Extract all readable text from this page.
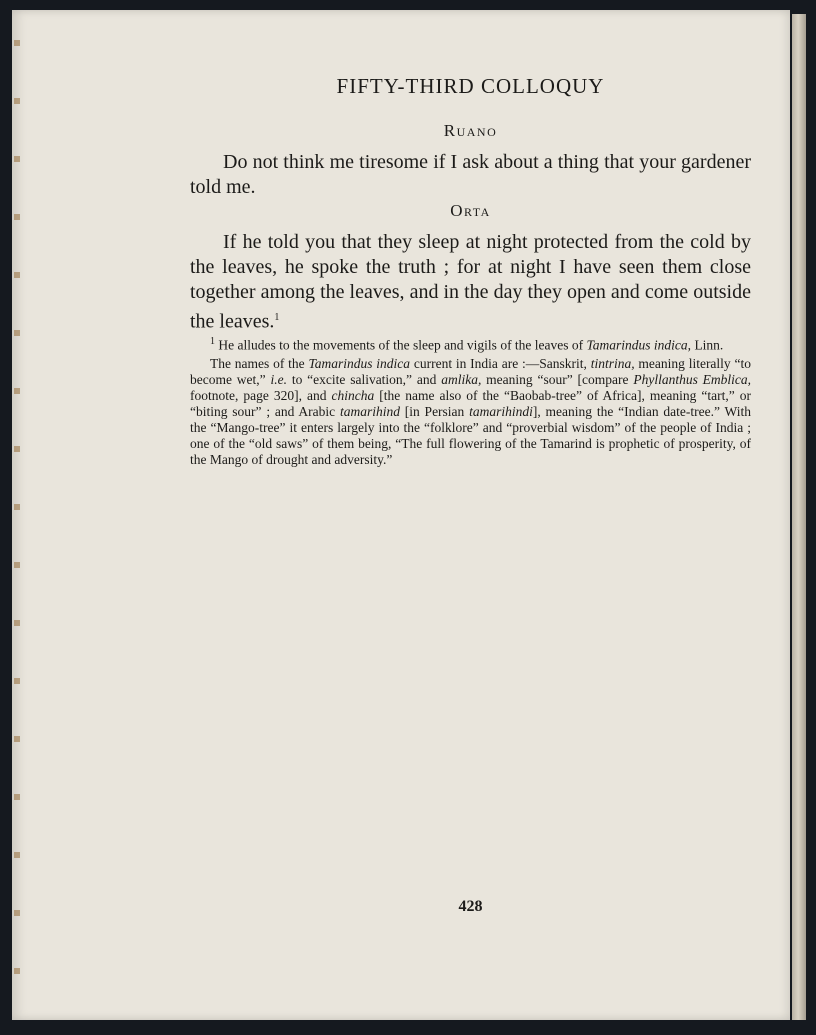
FIFTY-THIRD COLLOQUY
Ruano

Do not think me tiresome if I ask about a thing that your gardener told me.

Orta

If he told you that they sleep at night protected from the cold by the leaves, he spoke the truth ; for at night I have seen them close together among the leaves, and in the day they open and come outside the leaves.$^1$

$^1$ He alludes to the movements of the sleep and vigils of the leaves of Tamarindus indica, Linn.

The names of the Tamarindus indica current in India are :—Sanskrit, tintrina, meaning literally “to become wet,” i.e. to “excite salivation,” and amlika, meaning “sour” [compare Phyllanthus Emblica, footnote, page 320], and chincha [the name also of the “Baobab-tree” of Africa], meaning “tart,” or “biting sour” ; and Arabic tamarihind [in Persian tamarihindi], meaning the “Indian date-tree.” With the “Mango-tree” it enters largely into the “folklore” and “proverbial wisdom” of the people of India ; one of the “old saws” of them being, “The full flowering of the Tamarind is prophetic of prosperity, of the Mango of drought and adversity.”

428
